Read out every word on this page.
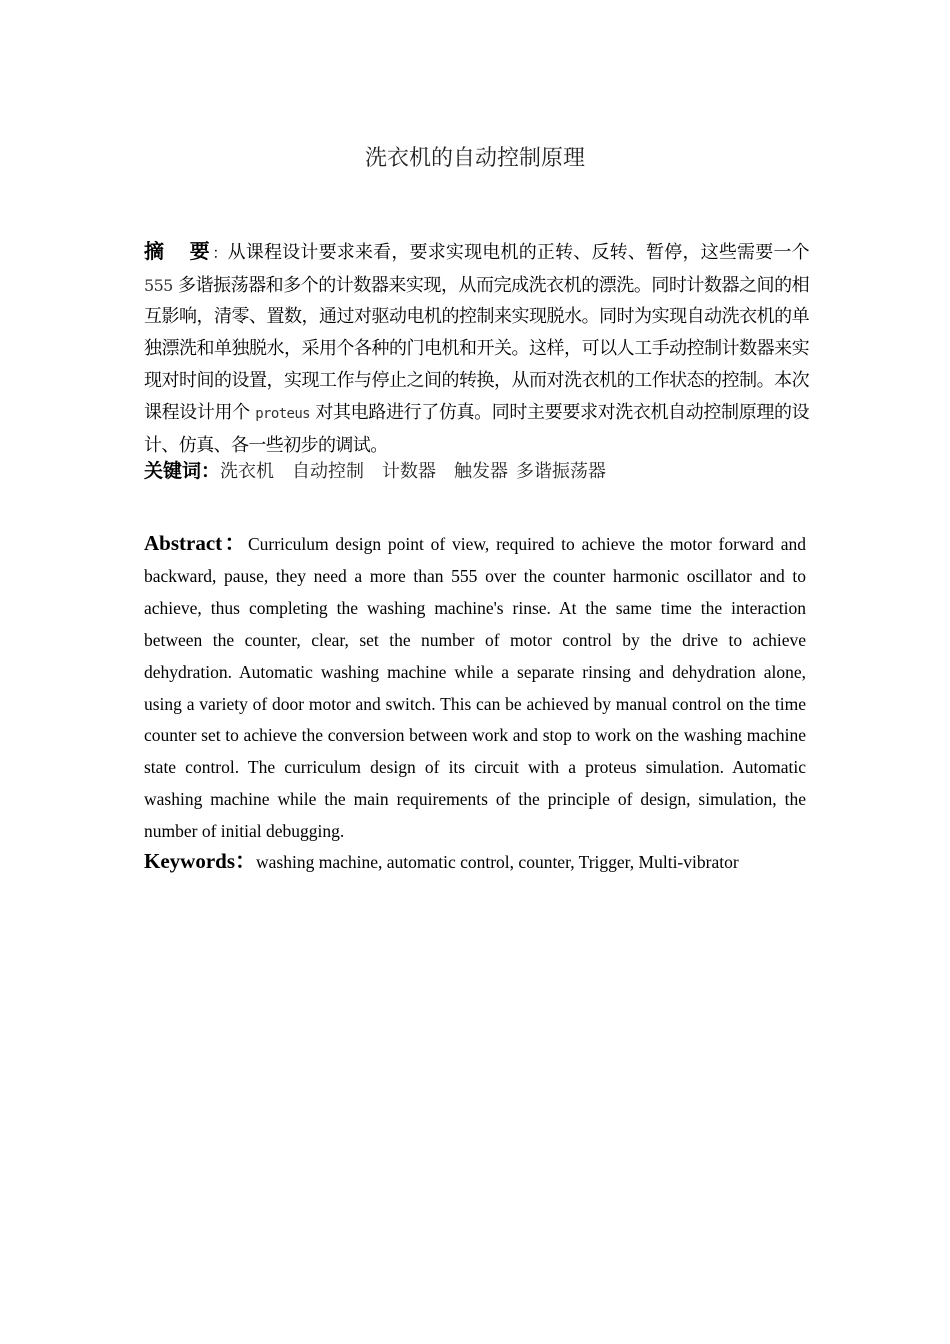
洗衣机的自动控制原理
摘 要：从课程设计要求来看，要求实现电机的正转、反转、暂停，这些需要一个 555 多谐振荡器和多个的计数器来实现，从而完成洗衣机的漂洗。同时计数器之间的相互影响，清零、置数，通过对驱动电机的控制来实现脱水。同时为实现自动洗衣机的单独漂洗和单独脱水，采用个各种的门电机和开关。这样，可以人工手动控制计数器来实现对时间的设置，实现工作与停止之间的转换，从而对洗衣机的工作状态的控制。本次课程设计用个 proteus 对其电路进行了仿真。同时主要要求对洗衣机自动控制原理的设计、仿真、各一些初步的调试。
关键词：洗衣机 自动控制 计数器 触发器 多谐振荡器
Abstract：Curriculum design point of view, required to achieve the motor forward and backward, pause, they need a more than 555 over the counter harmonic oscillator and to achieve, thus completing the washing machine's rinse. At the same time the interaction between the counter, clear, set the number of motor control by the drive to achieve dehydration. Automatic washing machine while a separate rinsing and dehydration alone, using a variety of door motor and switch. This can be achieved by manual control on the time counter set to achieve the conversion between work and stop to work on the washing machine state control. The curriculum design of its circuit with a proteus simulation. Automatic washing machine while the main requirements of the principle of design, simulation, the number of initial debugging.
Keywords：washing machine, automatic control, counter, Trigger, Multi-vibrator
